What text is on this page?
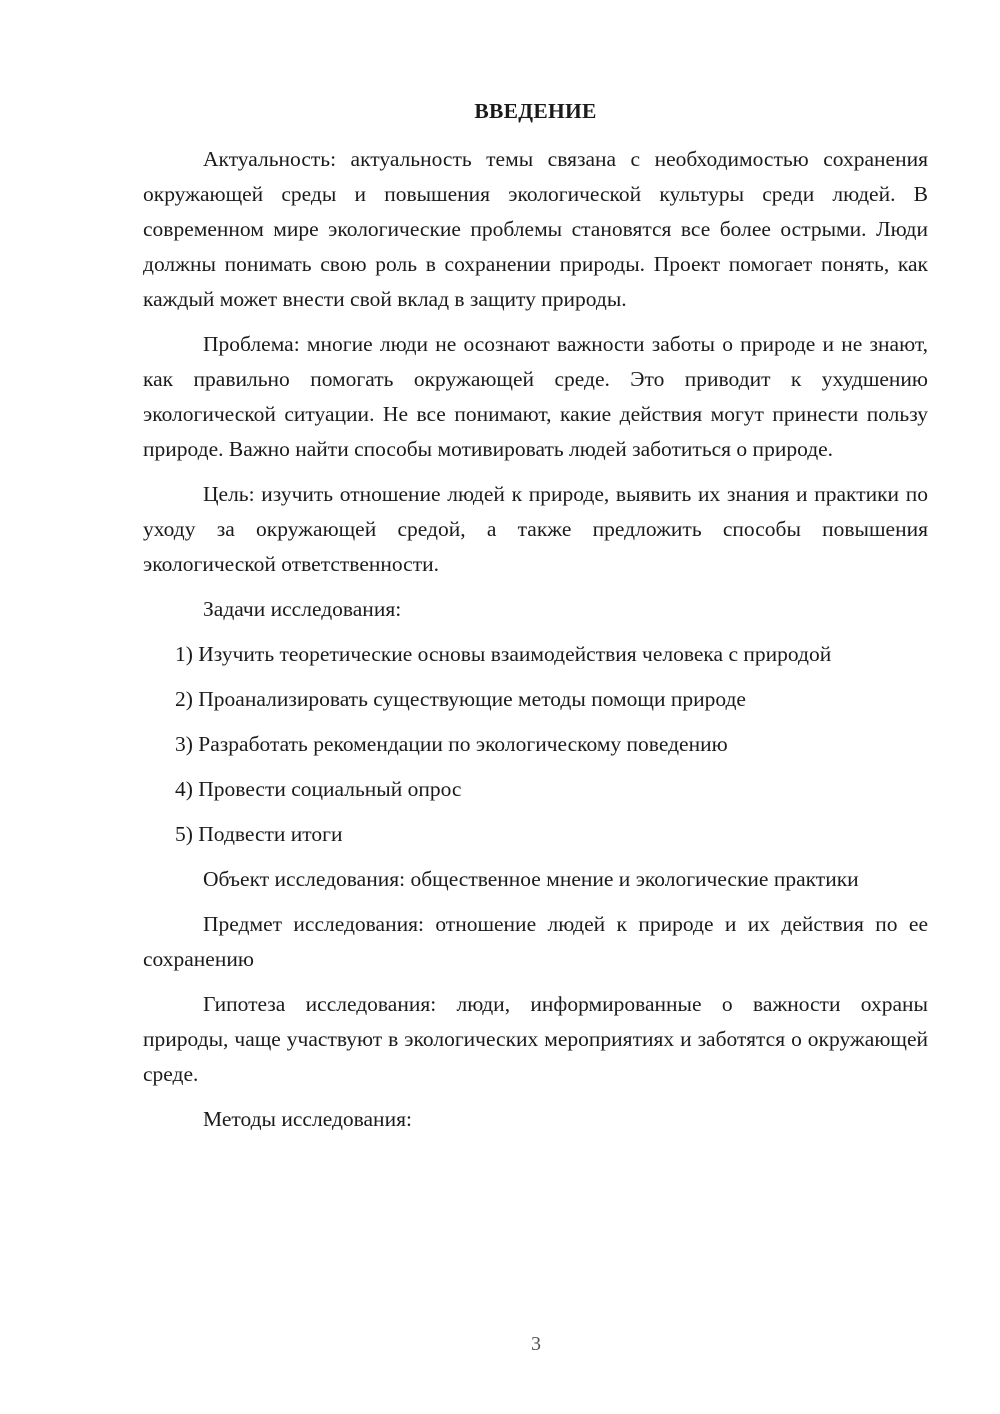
ВВЕДЕНИЕ

Актуальность: актуальность темы связана с необходимостью сохранения окружающей среды и повышения экологической культуры среди людей. В современном мире экологические проблемы становятся все более острыми. Люди должны понимать свою роль в сохранении природы. Проект помогает понять, как каждый может внести свой вклад в защиту природы.

Проблема: многие люди не осознают важности заботы о природе и не знают, как правильно помогать окружающей среде. Это приводит к ухудшению экологической ситуации. Не все понимают, какие действия могут принести пользу природе. Важно найти способы мотивировать людей заботиться о природе.

Цель: изучить отношение людей к природе, выявить их знания и практики по уходу за окружающей средой, а также предложить способы повышения экологической ответственности.

Задачи исследования:

1) Изучить теоретические основы взаимодействия человека с природой

2) Проанализировать существующие методы помощи природе

3) Разработать рекомендации по экологическому поведению

4) Провести социальный опрос

5) Подвести итоги

Объект исследования: общественное мнение и экологические практики

Предмет исследования: отношение людей к природе и их действия по ее сохранению

Гипотеза исследования: люди, информированные о важности охраны природы, чаще участвуют в экологических мероприятиях и заботятся о окружающей среде.

Методы исследования:

3
